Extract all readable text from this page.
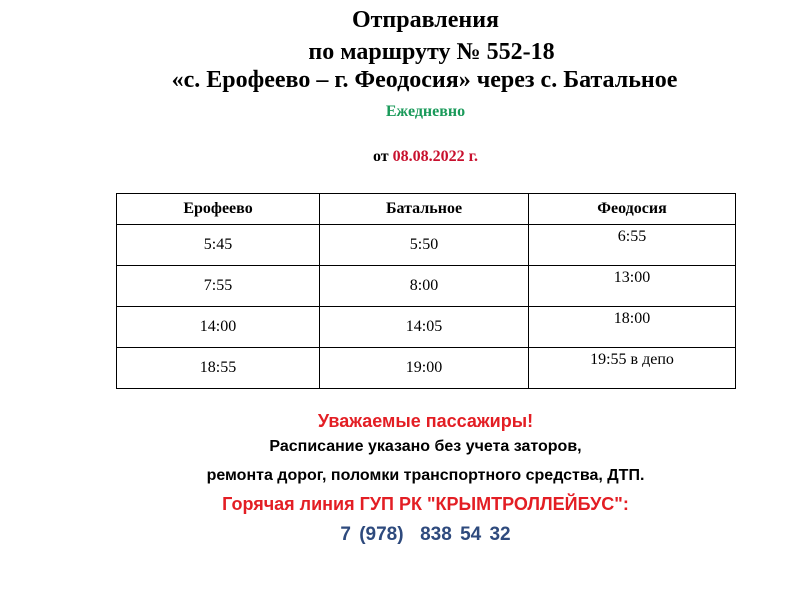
Отправления
по маршруту № 552-18
«с. Ерофеево – г. Феодосия» через с. Батальное
Ежедневно
от 08.08.2022 г.
Ерофеево	Батальное	Феодосия
5:45	5:50	6:55
7:55	8:00	13:00
14:00	14:05	18:00
18:55	19:00	19:55 в депо
Уважаемые пассажиры!
Расписание указано без учета заторов,
ремонта дорог, поломки транспортного средства, ДТП.
Горячая линия ГУП РК "КРЫМТРОЛЛЕЙБУС":
7 (978)  838 54 32
